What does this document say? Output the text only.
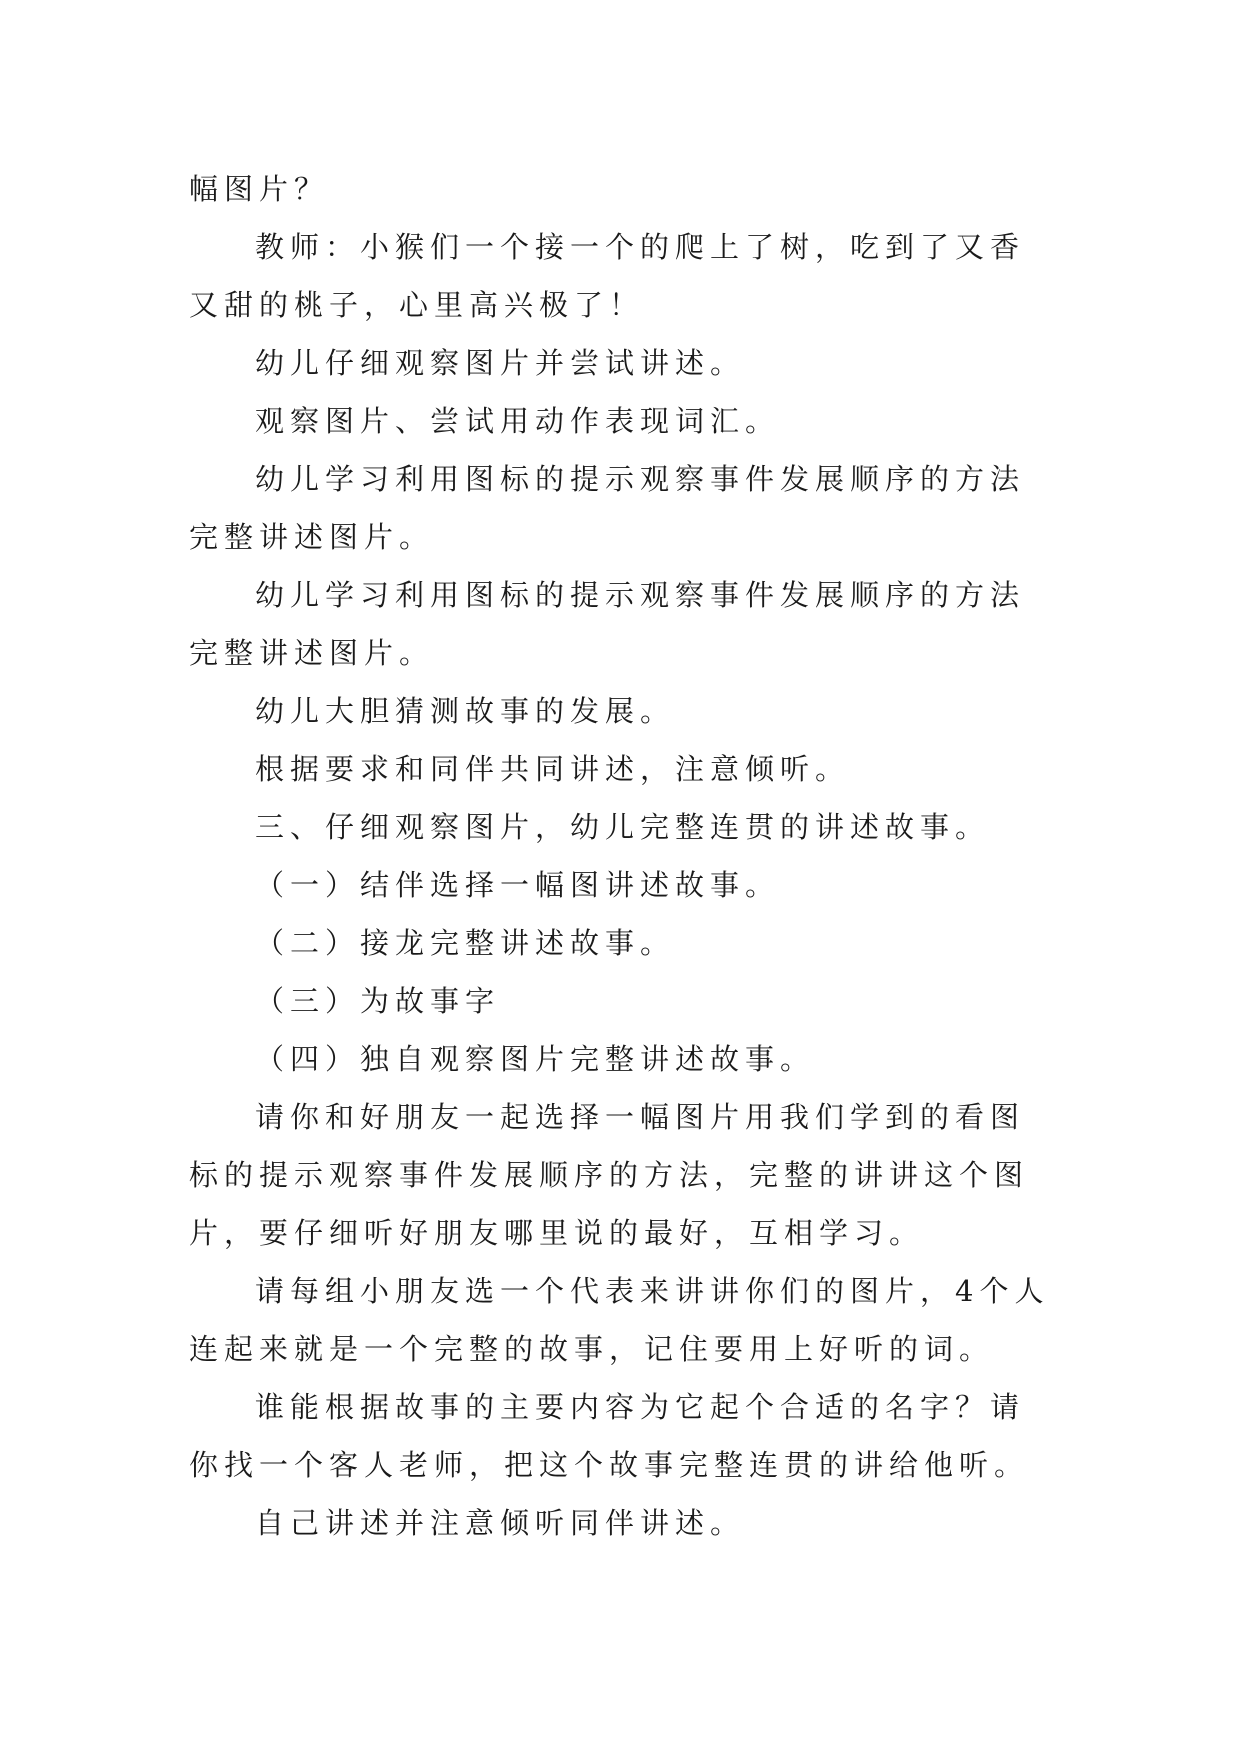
幅图片？

教师：小猴们一个接一个的爬上了树，吃到了又香又甜的桃子，心里高兴极了！

幼儿仔细观察图片并尝试讲述。

观察图片、尝试用动作表现词汇。

幼儿学习利用图标的提示观察事件发展顺序的方法完整讲述图片。

幼儿学习利用图标的提示观察事件发展顺序的方法完整讲述图片。

幼儿大胆猜测故事的发展。

根据要求和同伴共同讲述，注意倾听。

三、仔细观察图片，幼儿完整连贯的讲述故事。

（一）结伴选择一幅图讲述故事。

（二）接龙完整讲述故事。

（三）为故事字

（四）独自观察图片完整讲述故事。

请你和好朋友一起选择一幅图片用我们学到的看图标的提示观察事件发展顺序的方法，完整的讲讲这个图片，要仔细听好朋友哪里说的最好，互相学习。

请每组小朋友选一个代表来讲讲你们的图片，4个人连起来就是一个完整的故事，记住要用上好听的词。

谁能根据故事的主要内容为它起个合适的名字？请你找一个客人老师，把这个故事完整连贯的讲给他听。

自己讲述并注意倾听同伴讲述。
